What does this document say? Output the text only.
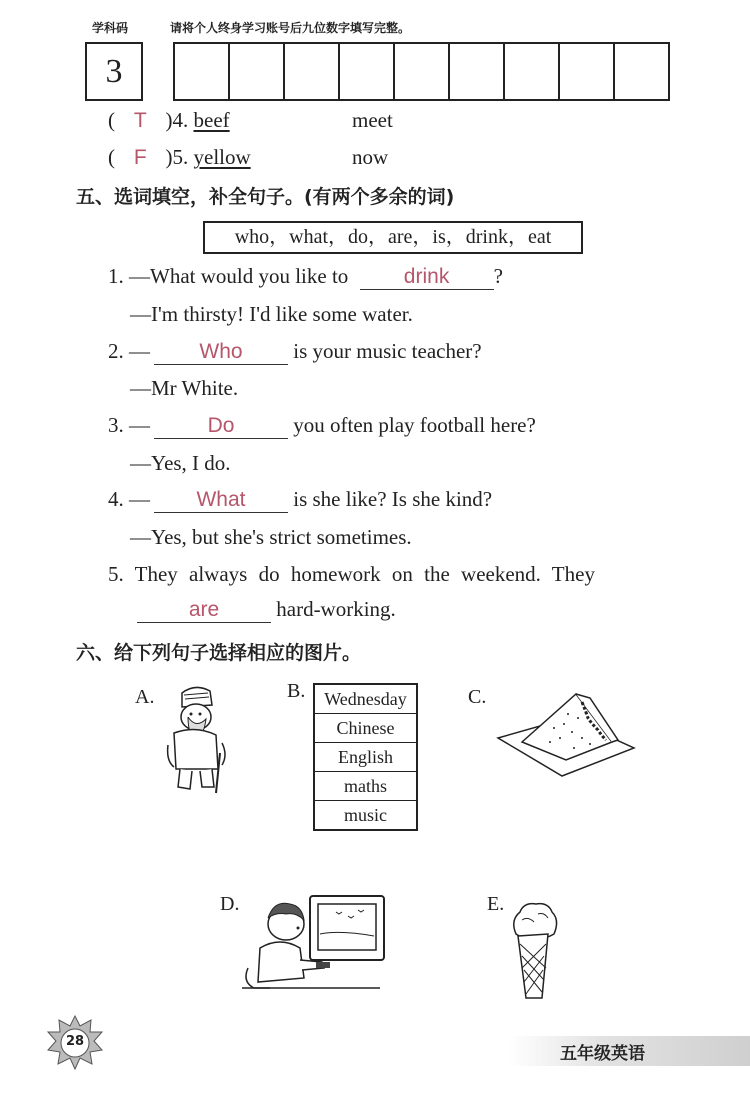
学科码	请将个人终身学习账号后九位数字填写完整。
3
( T )4. beef	meet
( F )5. yellow	now
五、选词填空，补全句子。(有两个多余的词)
who，what，do，are，is，drink，eat
1. —What would you like to	drink ?
—I'm thirsty! I'd like some water.
2. — Who is your music teacher?
—Mr White.
3. —	Do	you often play football here?
—Yes, I do.
4. — What is she like? Is she kind?
—Yes, but she's strict sometimes.
5. They always do homework on the weekend. They
are	hard-working.
六、给下列句子选择相应的图片。
A.	B.	Wednesday
Chinese
English
maths
music
C.
D.	E.
28
五年级英语
